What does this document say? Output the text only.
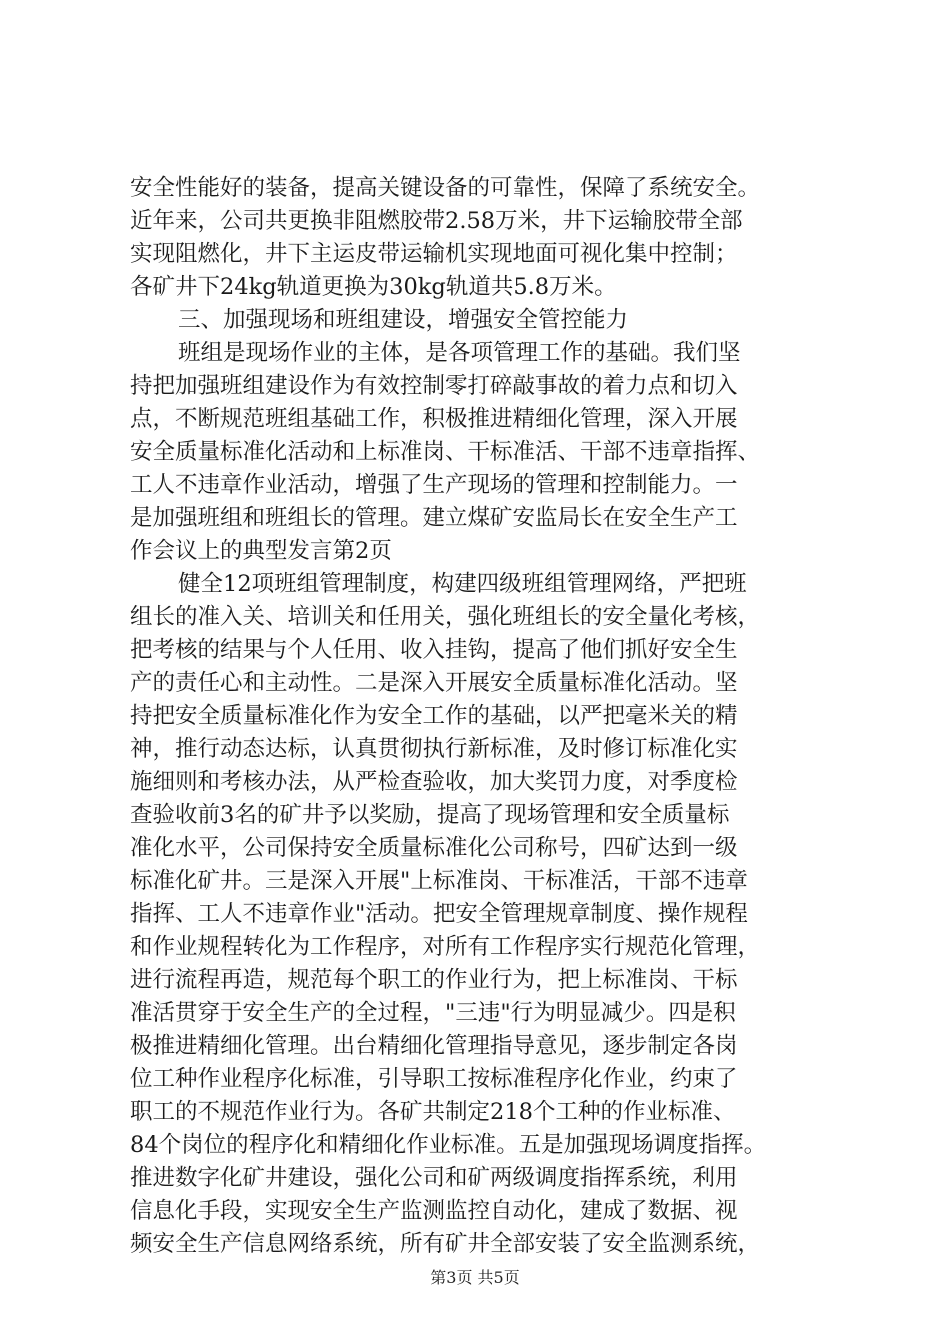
安全性能好的装备，提高关键设备的可靠性，保障了系统安全。
近年来，公司共更换非阻燃胶带2.58万米，井下运输胶带全部
实现阻燃化，井下主运皮带运输机实现地面可视化集中控制；
各矿井下24kg轨道更换为30kg轨道共5.8万米。
三、加强现场和班组建设，增强安全管控能力
班组是现场作业的主体，是各项管理工作的基础。我们坚
持把加强班组建设作为有效控制零打碎敲事故的着力点和切入
点，不断规范班组基础工作，积极推进精细化管理，深入开展
安全质量标准化活动和上标准岗、干标准活、干部不违章指挥、
工人不违章作业活动，增强了生产现场的管理和控制能力。一
是加强班组和班组长的管理。建立煤矿安监局长在安全生产工
作会议上的典型发言第2页
健全12项班组管理制度，构建四级班组管理网络，严把班
组长的准入关、培训关和任用关，强化班组长的安全量化考核，
把考核的结果与个人任用、收入挂钩，提高了他们抓好安全生
产的责任心和主动性。二是深入开展安全质量标准化活动。坚
持把安全质量标准化作为安全工作的基础，以严把毫米关的精
神，推行动态达标，认真贯彻执行新标准，及时修订标准化实
施细则和考核办法，从严检查验收，加大奖罚力度，对季度检
查验收前3名的矿井予以奖励，提高了现场管理和安全质量标
准化水平，公司保持安全质量标准化公司称号，四矿达到一级
标准化矿井。三是深入开展"上标准岗、干标准活，干部不违章
指挥、工人不违章作业"活动。把安全管理规章制度、操作规程
和作业规程转化为工作程序，对所有工作程序实行规范化管理，
进行流程再造，规范每个职工的作业行为，把上标准岗、干标
准活贯穿于安全生产的全过程，"三违"行为明显减少。四是积
极推进精细化管理。出台精细化管理指导意见，逐步制定各岗
位工种作业程序化标准，引导职工按标准程序化作业，约束了
职工的不规范作业行为。各矿共制定218个工种的作业标准、
84个岗位的程序化和精细化作业标准。五是加强现场调度指挥。
推进数字化矿井建设，强化公司和矿两级调度指挥系统，利用
信息化手段，实现安全生产监测监控自动化，建成了数据、视
频安全生产信息网络系统，所有矿井全部安装了安全监测系统，
第3页 共5页
